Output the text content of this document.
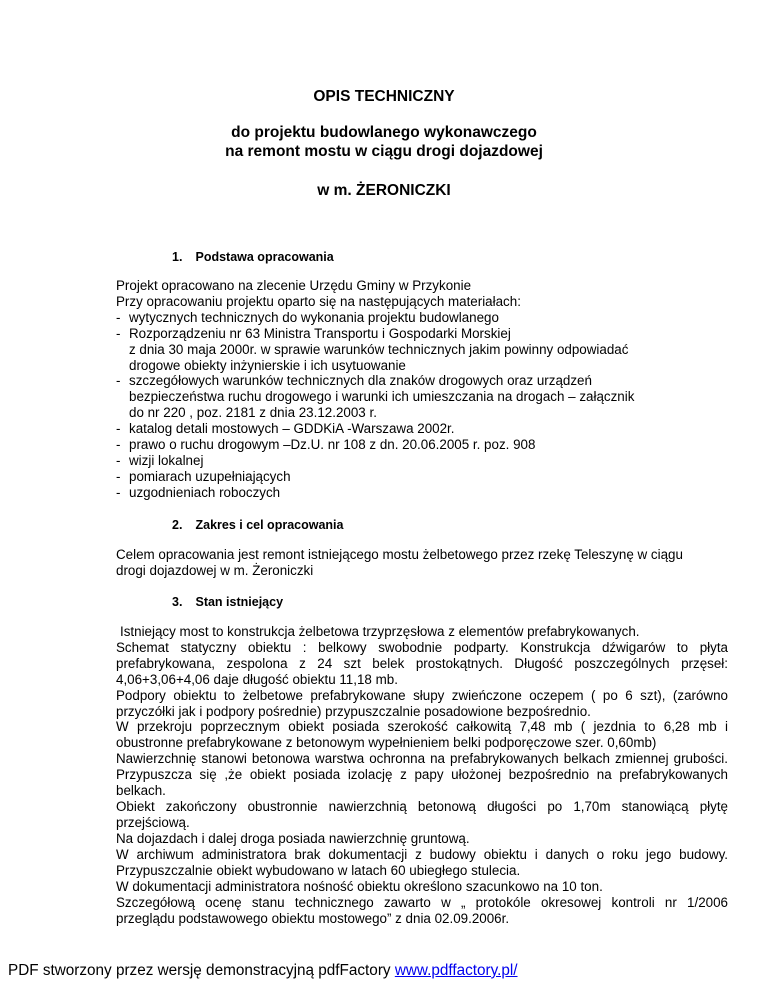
OPIS TECHNICZNY
do projektu budowlanego wykonawczego
na remont mostu w ciągu drogi dojazdowej
w m. ŻERONICZKI
1. Podstawa opracowania
Projekt opracowano na zlecenie Urzędu Gminy w Przykonie
Przy opracowaniu projektu oparto się na następujących materiałach:
- wytycznych technicznych do wykonania projektu budowlanego
- Rozporządzeniu nr 63 Ministra Transportu i Gospodarki Morskiej
z dnia 30 maja 2000r. w sprawie warunków technicznych jakim powinny odpowiadać
drogowe obiekty inżynierskie i ich usytuowanie
- szczegółowych warunków technicznych dla znaków drogowych oraz urządzeń
bezpieczeństwa ruchu drogowego i warunki ich umieszczania na drogach – załącznik
do nr 220 , poz. 2181 z dnia 23.12.2003 r.
- katalog detali mostowych – GDDKiA -Warszawa 2002r.
- prawo o ruchu drogowym –Dz.U. nr 108 z dn. 20.06.2005 r. poz. 908
- wizji lokalnej
- pomiarach uzupełniających
- uzgodnieniach roboczych
2. Zakres i cel opracowania
Celem opracowania jest remont istniejącego mostu żelbetowego przez rzekę Teleszynę w ciągu
drogi dojazdowej w m. Żeroniczki
3. Stan istniejący
Istniejący most to konstrukcja żelbetowa trzyprzęsłowa z elementów prefabrykowanych.
Schemat statyczny obiektu : belkowy swobodnie podparty. Konstrukcja dźwigarów to płyta
prefabrykowana, zespolona z 24 szt belek prostokątnych. Długość poszczególnych przęseł:
4,06+3,06+4,06 daje długość obiektu 11,18 mb.
Podpory obiektu to żelbetowe prefabrykowane słupy zwieńczone oczepem ( po 6 szt), (zarówno
przyczółki jak i podpory pośrednie) przypuszczalnie posadowione bezpośrednio.
W przekroju poprzecznym obiekt posiada szerokość całkowitą 7,48 mb ( jezdnia to 6,28 mb i
obustronne prefabrykowane z betonowym wypełnieniem belki podporęczowe szer. 0,60mb)
Nawierzchnię stanowi betonowa warstwa ochronna na prefabrykowanych belkach zmiennej grubości.
Przypuszcza się ,że obiekt posiada izolację z papy ułożonej bezpośrednio na prefabrykowanych
belkach.
Obiekt zakończony obustronnie nawierzchnią betonową długości po 1,70m stanowiącą płytę
przejściową.
Na dojazdach i dalej droga posiada nawierzchnię gruntową.
W archiwum administratora brak dokumentacji z budowy obiektu i danych o roku jego budowy.
Przypuszczalnie obiekt wybudowano w latach 60 ubiegłego stulecia.
W dokumentacji administratora nośność obiektu określono szacunkowo na 10 ton.
Szczegółową ocenę stanu technicznego zawarto w „ protokóle okresowej kontroli nr 1/2006
przeglądu podstawowego obiektu mostowego” z dnia 02.09.2006r.
PDF stworzony przez wersję demonstracyjną pdfFactory www.pdffactory.pl/
